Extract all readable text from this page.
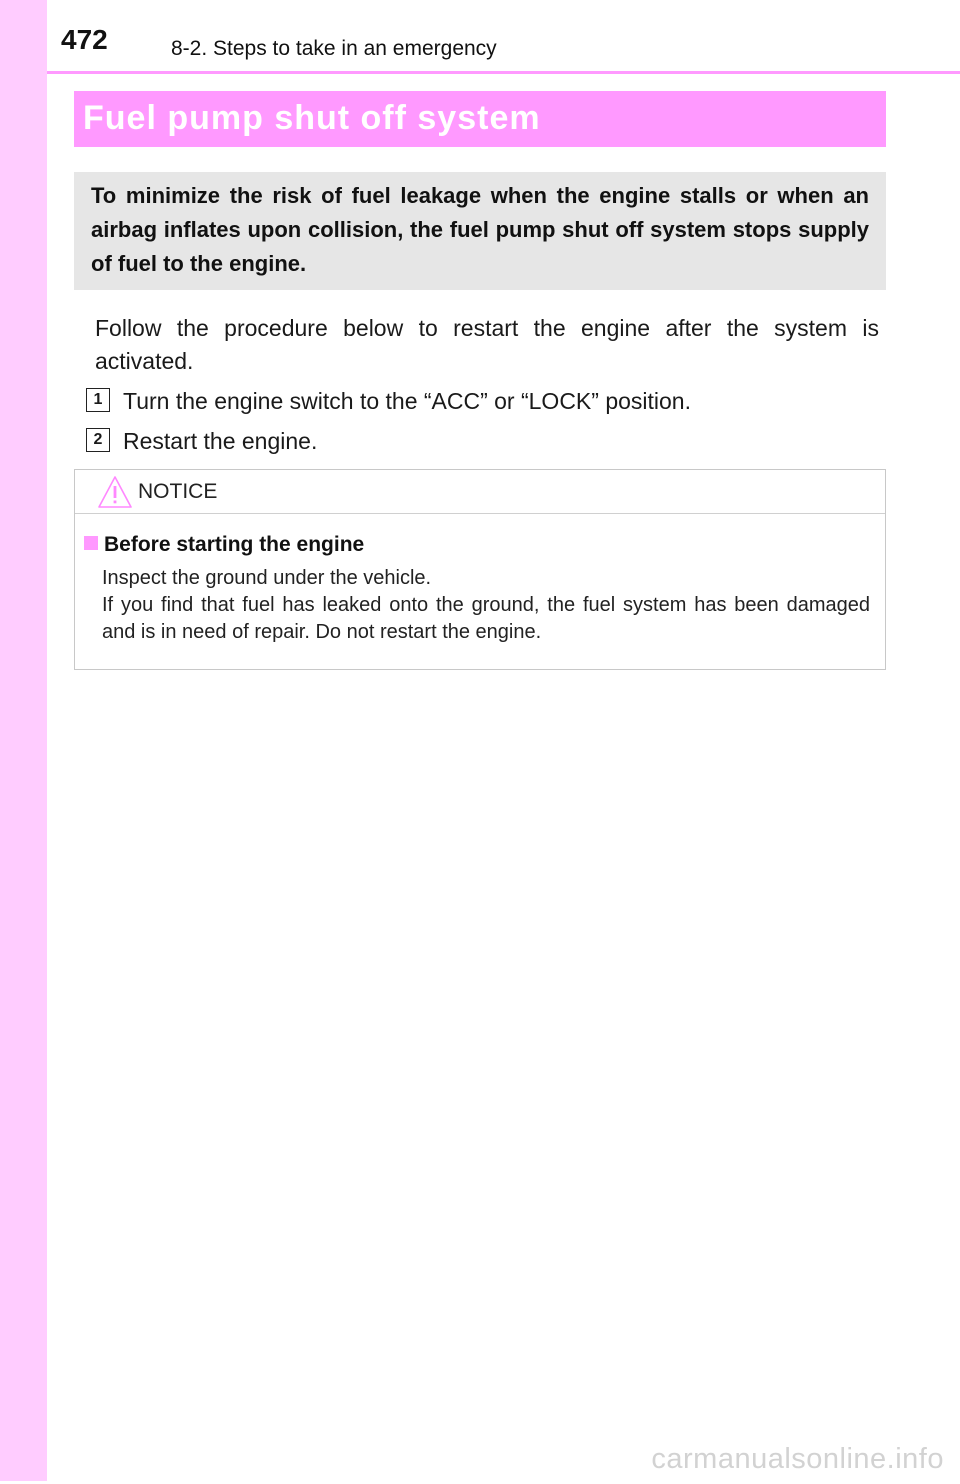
472	8-2. Steps to take in an emergency
Fuel pump shut off system
To minimize the risk of fuel leakage when the engine stalls or when an airbag inflates upon collision, the fuel pump shut off system stops supply of fuel to the engine.
Follow the procedure below to restart the engine after the system is activated.
1 Turn the engine switch to the “ACC” or “LOCK” position.
2 Restart the engine.
NOTICE
Before starting the engine
Inspect the ground under the vehicle.
If you find that fuel has leaked onto the ground, the fuel system has been damaged and is in need of repair. Do not restart the engine.
carmanualsonline.info
